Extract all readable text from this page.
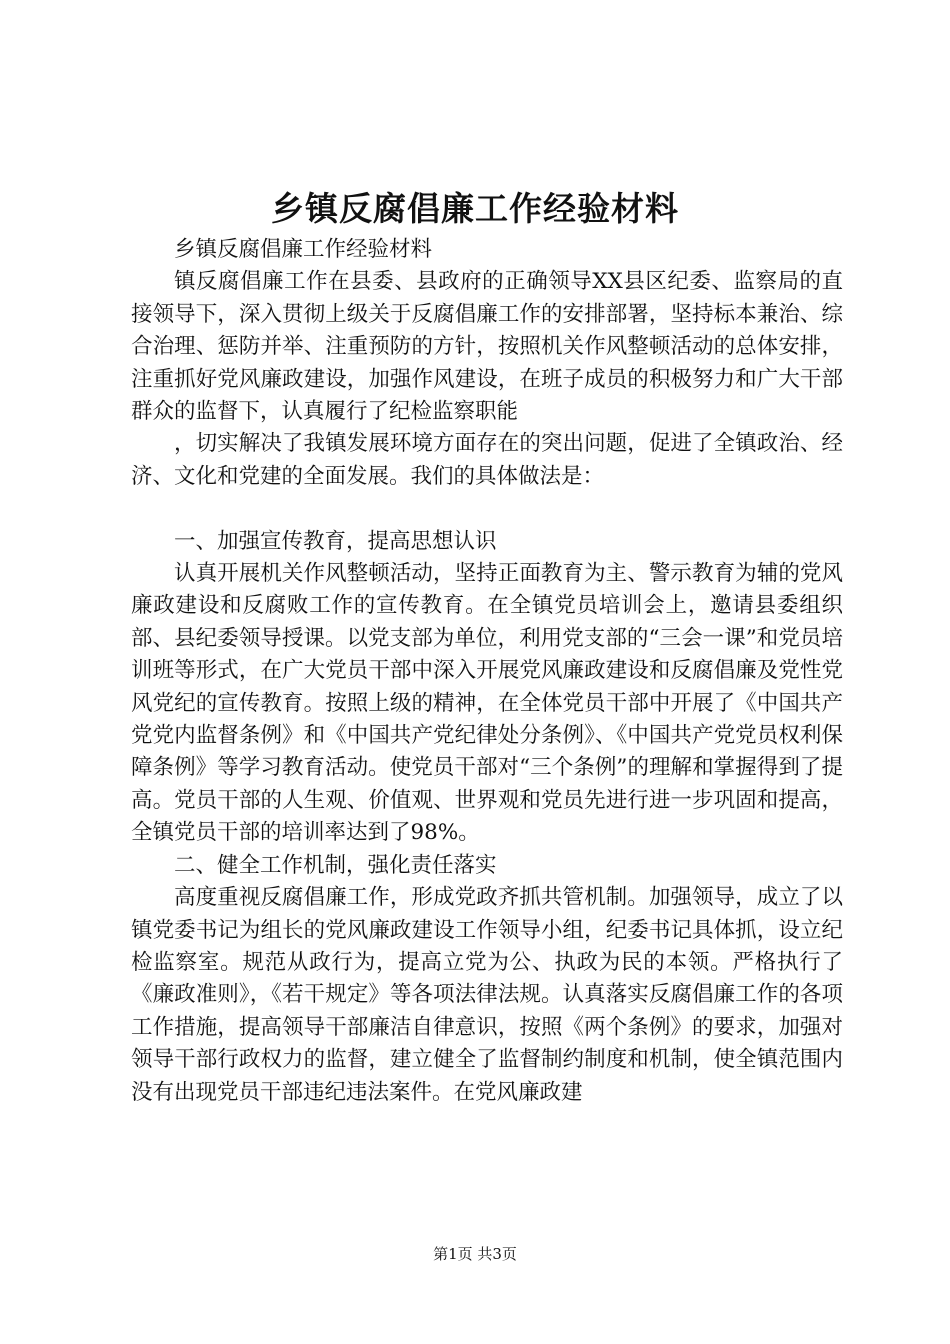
乡镇反腐倡廉工作经验材料

乡镇反腐倡廉工作经验材料

镇反腐倡廉工作在县委、县政府的正确领导XX县区纪委、监察局的直接领导下，深入贯彻上级关于反腐倡廉工作的安排部署，坚持标本兼治、综合治理、惩防并举、注重预防的方针，按照机关作风整顿活动的总体安排，注重抓好党风廉政建设，加强作风建设，在班子成员的积极努力和广大干部群众的监督下，认真履行了纪检监察职能

，切实解决了我镇发展环境方面存在的突出问题，促进了全镇政治、经济、文化和党建的全面发展。我们的具体做法是：

一、加强宣传教育，提高思想认识

认真开展机关作风整顿活动，坚持正面教育为主、警示教育为辅的党风廉政建设和反腐败工作的宣传教育。在全镇党员培训会上，邀请县委组织部、县纪委领导授课。以党支部为单位，利用党支部的“三会一课”和党员培训班等形式，在广大党员干部中深入开展党风廉政建设和反腐倡廉及党性党风党纪的宣传教育。按照上级的精神，在全体党员干部中开展了《中国共产党党内监督条例》和《中国共产党纪律处分条例》、《中国共产党党员权利保障条例》等学习教育活动。使党员干部对“三个条例”的理解和掌握得到了提高。党员干部的人生观、价值观、世界观和党员先进行进一步巩固和提高，全镇党员干部的培训率达到了98%。

二、健全工作机制，强化责任落实

高度重视反腐倡廉工作，形成党政齐抓共管机制。加强领导，成立了以镇党委书记为组长的党风廉政建设工作领导小组，纪委书记具体抓，设立纪检监察室。规范从政行为，提高立党为公、执政为民的本领。严格执行了《廉政准则》，《若干规定》等各项法律法规。认真落实反腐倡廉工作的各项工作措施，提高领导干部廉洁自律意识，按照《两个条例》的要求，加强对领导干部行政权力的监督，建立健全了监督制约制度和机制，使全镇范围内没有出现党员干部违纪违法案件。在党风廉政建

第1页 共3页
